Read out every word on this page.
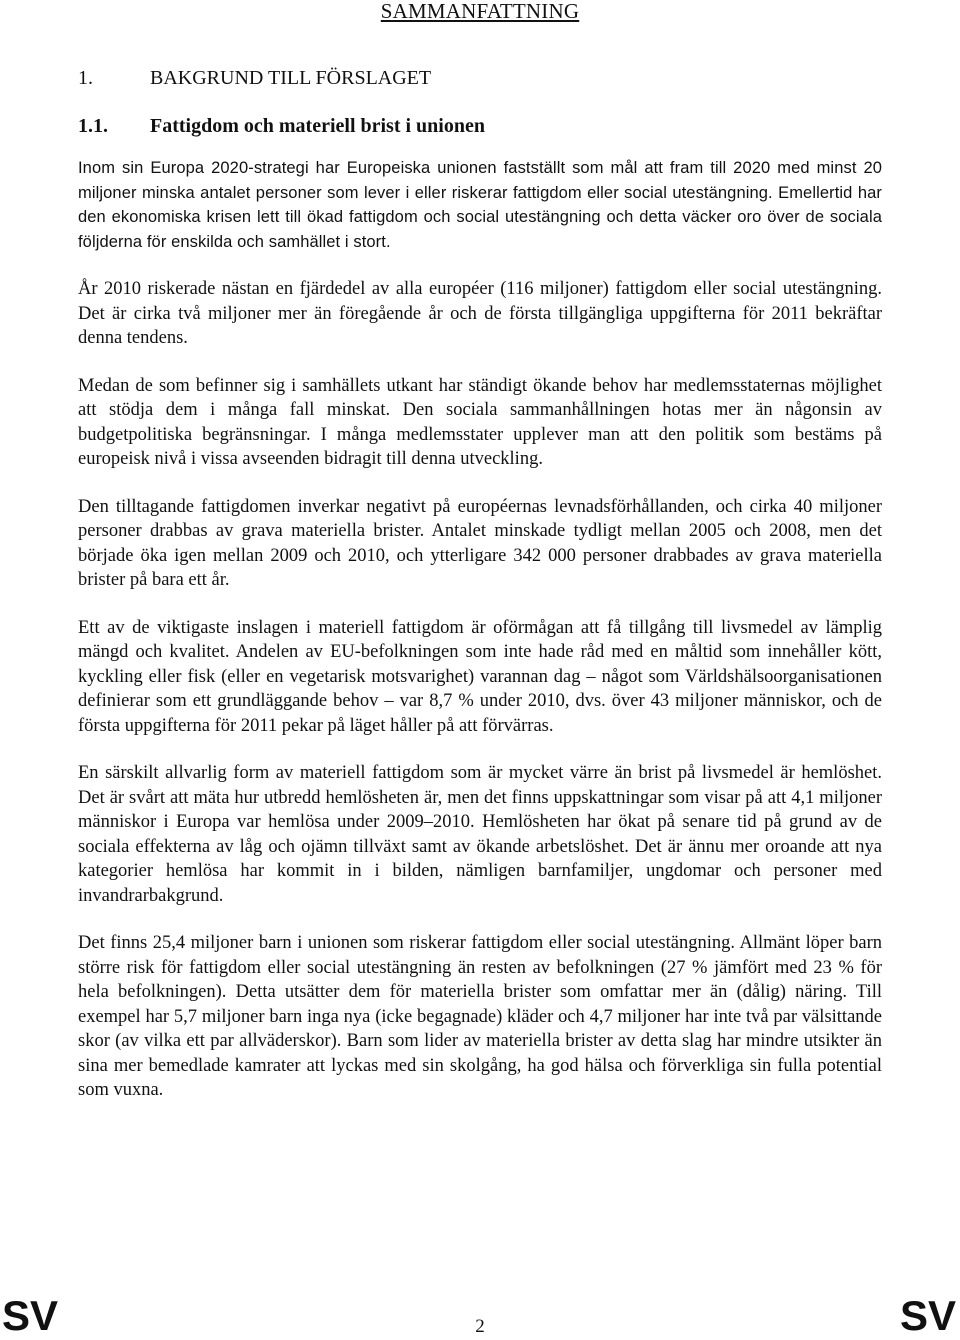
SAMMANFATTNING
1.	BAKGRUND TILL FÖRSLAGET
1.1. Fattigdom och materiell brist i unionen

Inom sin Europa 2020-strategi har Europeiska unionen fastställt som mål att fram till 2020 med minst 20 miljoner minska antalet personer som lever i eller riskerar fattigdom eller social utestängning. Emellertid har den ekonomiska krisen lett till ökad fattigdom och social utestängning och detta väcker oro över de sociala följderna för enskilda och samhället i stort.

År 2010 riskerade nästan en fjärdedel av alla européer (116 miljoner) fattigdom eller social utestängning. Det är cirka två miljoner mer än föregående år och de första tillgängliga uppgifterna för 2011 bekräftar denna tendens.

Medan de som befinner sig i samhällets utkant har ständigt ökande behov har medlemsstaternas möjlighet att stödja dem i många fall minskat. Den sociala sammanhållningen hotas mer än någonsin av budgetpolitiska begränsningar. I många medlemsstater upplever man att den politik som bestäms på europeisk nivå i vissa avseenden bidragit till denna utveckling.

Den tilltagande fattigdomen inverkar negativt på européernas levnadsförhållanden, och cirka 40 miljoner personer drabbas av grava materiella brister. Antalet minskade tydligt mellan 2005 och 2008, men det började öka igen mellan 2009 och 2010, och ytterligare 342 000 personer drabbades av grava materiella brister på bara ett år.

Ett av de viktigaste inslagen i materiell fattigdom är oförmågan att få tillgång till livsmedel av lämplig mängd och kvalitet. Andelen av EU-befolkningen som inte hade råd med en måltid som innehåller kött, kyckling eller fisk (eller en vegetarisk motsvarighet) varannan dag – något som Världshälsoorganisationen definierar som ett grundläggande behov – var 8,7 % under 2010, dvs. över 43 miljoner människor, och de första uppgifterna för 2011 pekar på läget håller på att förvärras.

En särskilt allvarlig form av materiell fattigdom som är mycket värre än brist på livsmedel är hemlöshet. Det är svårt att mäta hur utbredd hemlösheten är, men det finns uppskattningar som visar på att 4,1 miljoner människor i Europa var hemlösa under 2009–2010. Hemlösheten har ökat på senare tid på grund av de sociala effekterna av låg och ojämn tillväxt samt av ökande arbetslöshet. Det är ännu mer oroande att nya kategorier hemlösa har kommit in i bilden, nämligen barnfamiljer, ungdomar och personer med invandrarbakgrund.

Det finns 25,4 miljoner barn i unionen som riskerar fattigdom eller social utestängning. Allmänt löper barn större risk för fattigdom eller social utestängning än resten av befolkningen (27 % jämfört med 23 % för hela befolkningen). Detta utsätter dem för materiella brister som omfattar mer än (dålig) näring. Till exempel har 5,7 miljoner barn inga nya (icke begagnade) kläder och 4,7 miljoner har inte två par välsittande skor (av vilka ett par allväderskor). Barn som lider av materiella brister av detta slag har mindre utsikter än sina mer bemedlade kamrater att lyckas med sin skolgång, ha god hälsa och förverkliga sin fulla potential som vuxna.

SV	2	SV
